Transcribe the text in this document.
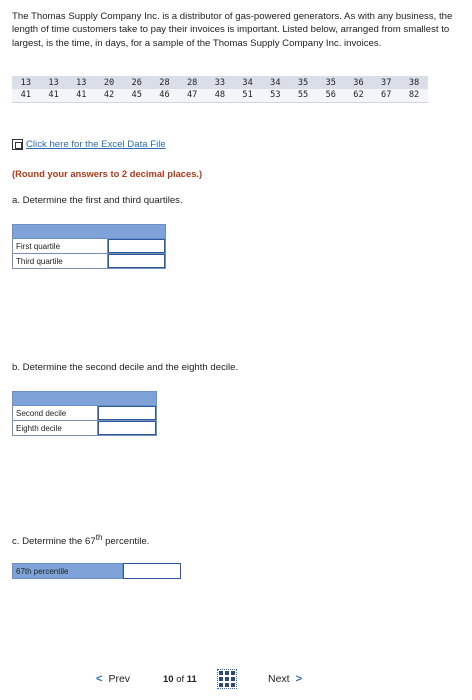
The Thomas Supply Company Inc. is a distributor of gas-powered generators. As with any business, the length of time customers take to pay their invoices is important. Listed below, arranged from smallest to largest, is the time, in days, for a sample of the Thomas Supply Company Inc. invoices.
13	13	13	20	26	28	28	33	34	34	35	35	36	37	38
41	41	41	42	45	46	47	48	51	53	55	56	62	67	82
Click here for the Excel Data File
(Round your answers to 2 decimal places.)
a. Determine the first and third quartiles.

First quartile	
Third quartile	
b. Determine the second decile and the eighth decile.

Second decile	
Eighth decile	
c. Determine the 67th percentile.
67th percentile
< Prev	10 of 11	Next >
